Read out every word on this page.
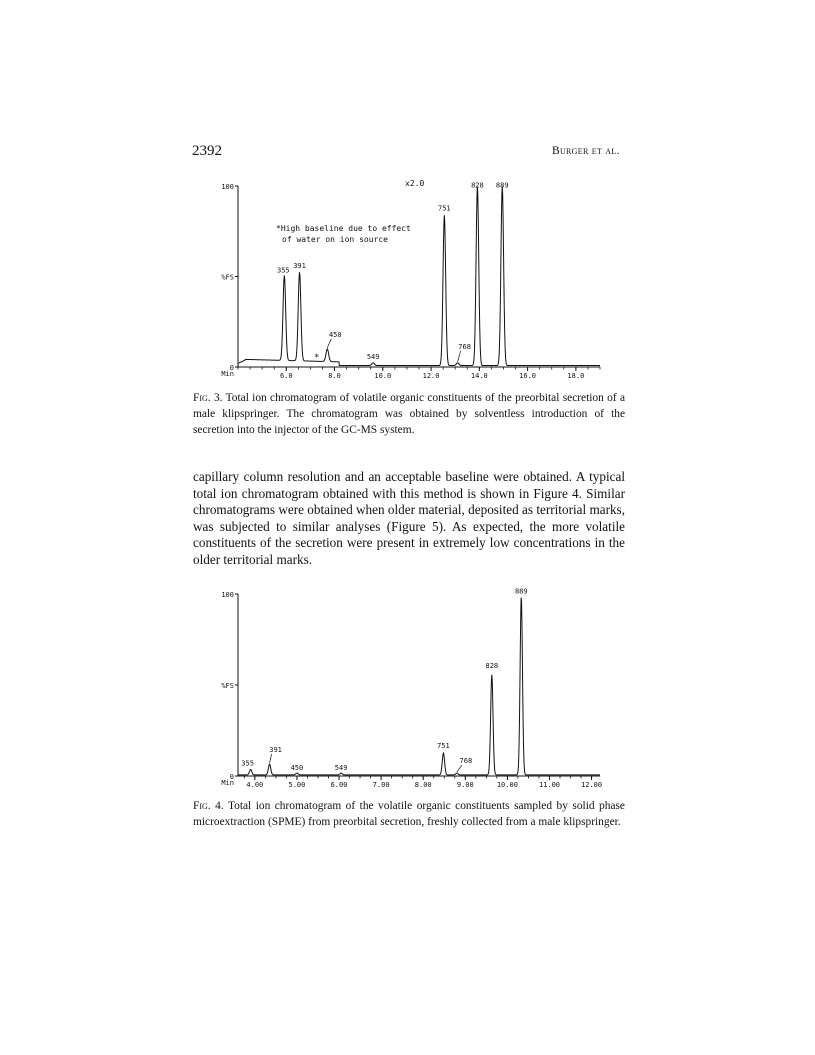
2392	Burger et al.
100
%FS
0
Min	6.0	8.0	10.0	12.0	14.0	16.0	18.0
355
391
450
549
751
768
828 889
x2.0
*High baseline due to effect
of water on ion source
*
Fig. 3. Total ion chromatogram of volatile organic constituents of the preorbital secretion of a male klipspringer. The chromatogram was obtained by solventless introduction of the secretion into the injector of the GC-MS system.
capillary column resolution and an acceptable baseline were obtained. A typical total ion chromatogram obtained with this method is shown in Figure 4. Similar chromatograms were obtained when older material, deposited as territorial marks, was subjected to similar analyses (Figure 5). As expected, the more volatile constituents of the secretion were present in extremely low concentrations in the older territorial marks.
100
%FS
0
Min 4.00	5.00	6.00	7.00	8.00	9.00	10.00	11.00	12.00
355
391
450	549
751
768
828
889
Fig. 4. Total ion chromatogram of the volatile organic constituents sampled by solid phase microextraction (SPME) from preorbital secretion, freshly collected from a male klipspringer.
